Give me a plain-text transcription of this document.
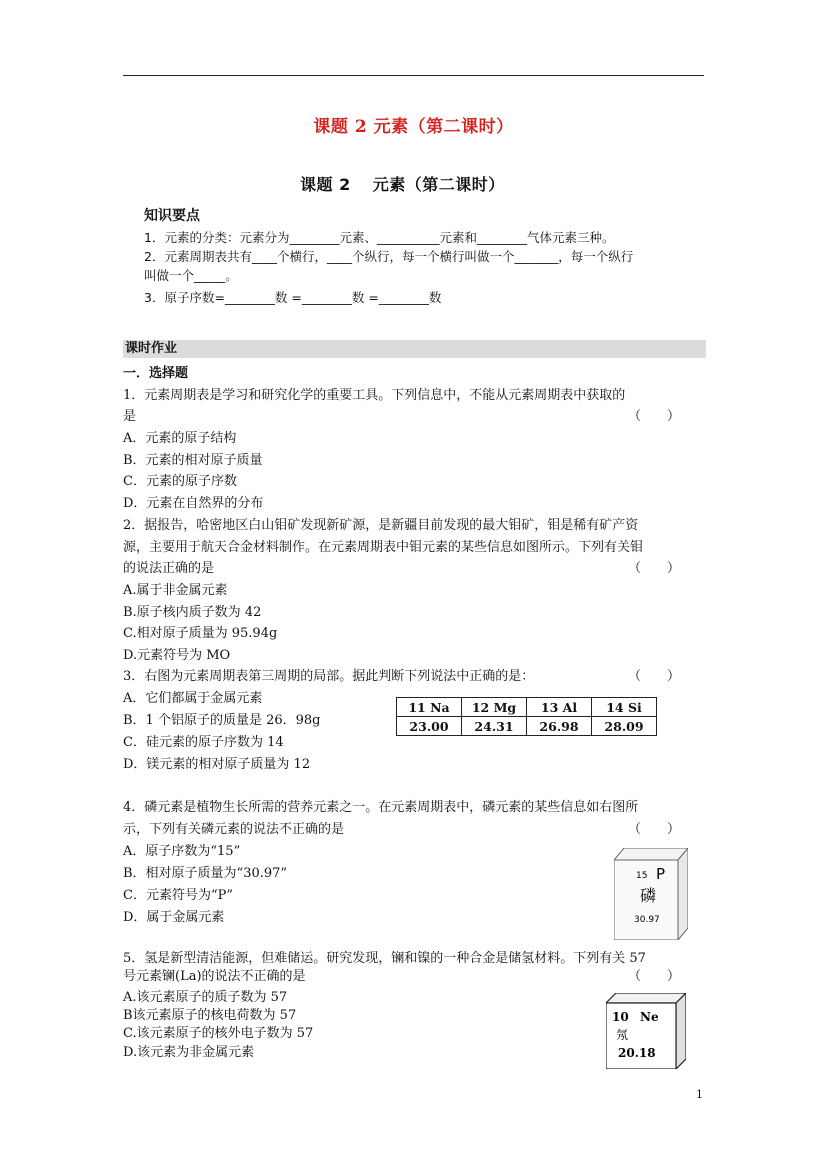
课题 2 元素（第二课时）
课题 2 元素（第二课时）
知识要点
1．元素的分类：元素分为________元素、__________元素和________气体元素三种。
2．元素周期表共有____个横行，____个纵行，每一个横行叫做一个_______，每一个纵行
叫做一个_____。
3．原子序数=________数 =________数 =________数
课时作业
一．选择题
1．元素周期表是学习和研究化学的重要工具。下列信息中，不能从元素周期表中获取的
是	（　　）
A．元素的原子结构
B．元素的相对原子质量
C．元素的原子序数
D．元素在自然界的分布
2．据报告，哈密地区白山钼矿发现新矿源，是新疆目前发现的最大钼矿，钼是稀有矿产资
源，主要用于航天合金材料制作。在元素周期表中钼元素的某些信息如图所示。下列有关钼
的说法正确的是	（　　）
A.属于非金属元素
B.原子核内质子数为 42
C.相对原子质量为 95.94g
D.元素符号为 MO
3．右图为元素周期表第三周期的局部。据此判断下列说法中正确的是：	（　　）
A．它们都属于金属元素
B．1 个铝原子的质量是 26．98g
C．硅元素的原子序数为 14
D．镁元素的相对原子质量为 12
11 Na	12 Mg	13 Al	14 Si
23.00	24.31	26.98	28.09
4．磷元素是植物生长所需的营养元素之一。在元素周期表中，磷元素的某些信息如右图所
示，下列有关磷元素的说法不正确的是	（　　）
A．原子序数为“15”
B．相对原子质量为“30.97”
C．元素符号为“P”
D．属于金属元素
15 P
磷
30.97
5．氢是新型清洁能源，但难储运。研究发现，镧和镍的一种合金是储氢材料。下列有关 57
号元素镧(La)的说法不正确的是	（　　）
A.该元素原子的质子数为 57
B该元素原子的核电荷数为 57
C.该元素原子的核外电子数为 57
D.该元素为非金属元素
10 Ne
氖
20.18
1
